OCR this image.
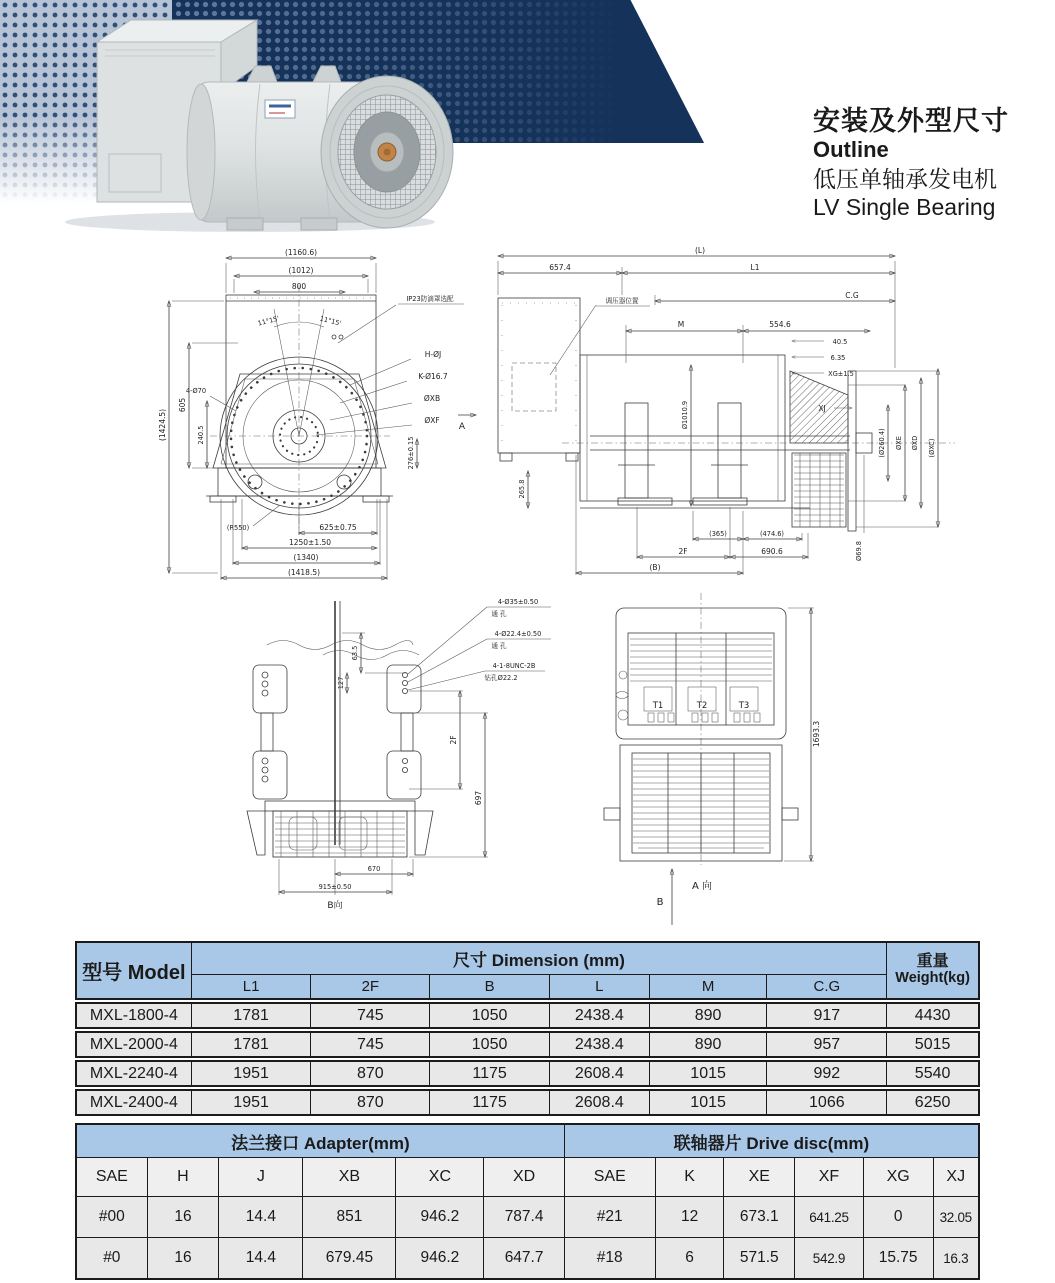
安装及外型尺寸
Outline
低压单轴承发电机
LV Single Bearing
(1160.6)
(1012)
800
11°15'	11°15'
IP23防滴罩选配
H-ØJ
K-Ø16.7
ØXB
ØXF
4-Ø70
605
240.5
(1424.5)
276±0.15
(R550)	625±0.75
1250±1.50
(1340)
(1418.5)
(L)
657.4	L1
C.G
M	554.6
40.5
6.35
XG±1.5
XJ
调压器位置
A	Ø1010.9
265.8
(Ø260.4) ØXE ØXD (ØXC)
Ø69.8
(365)	(474.6)
2F	690.6
(B)
4-Ø35±0.50
通 孔
4-Ø22.4±0.50
通 孔
4-1-8UNC-2B
钻孔Ø22.2
63.5
127
2F
697
670
915±0.50
B向
T1	T2	T3
1693.3
A 向
B
型号 Model
尺寸 Dimension (mm)	重量
Weight(kg)
L1	2F	B	L	M	C.G
MXL-1800-4	1781	745	1050	2438.4	890	917	4430
MXL-2000-4	1781	745	1050	2438.4	890	957	5015
MXL-2240-4	1951	870	1175	2608.4	1015	992	5540
MXL-2400-4	1951	870	1175	2608.4	1015	1066	6250
法兰接口 Adapter(mm)	联轴器片 Drive disc(mm)
SAE	H	J	XB	XC	XD	SAE	K	XE	XF	XG	XJ
#00	16	14.4	851	946.2	787.4	#21	12	673.1	641.25	0	32.05
#0	16	14.4	679.45	946.2	647.7	#18	6	571.5	542.9	15.75	16.3
